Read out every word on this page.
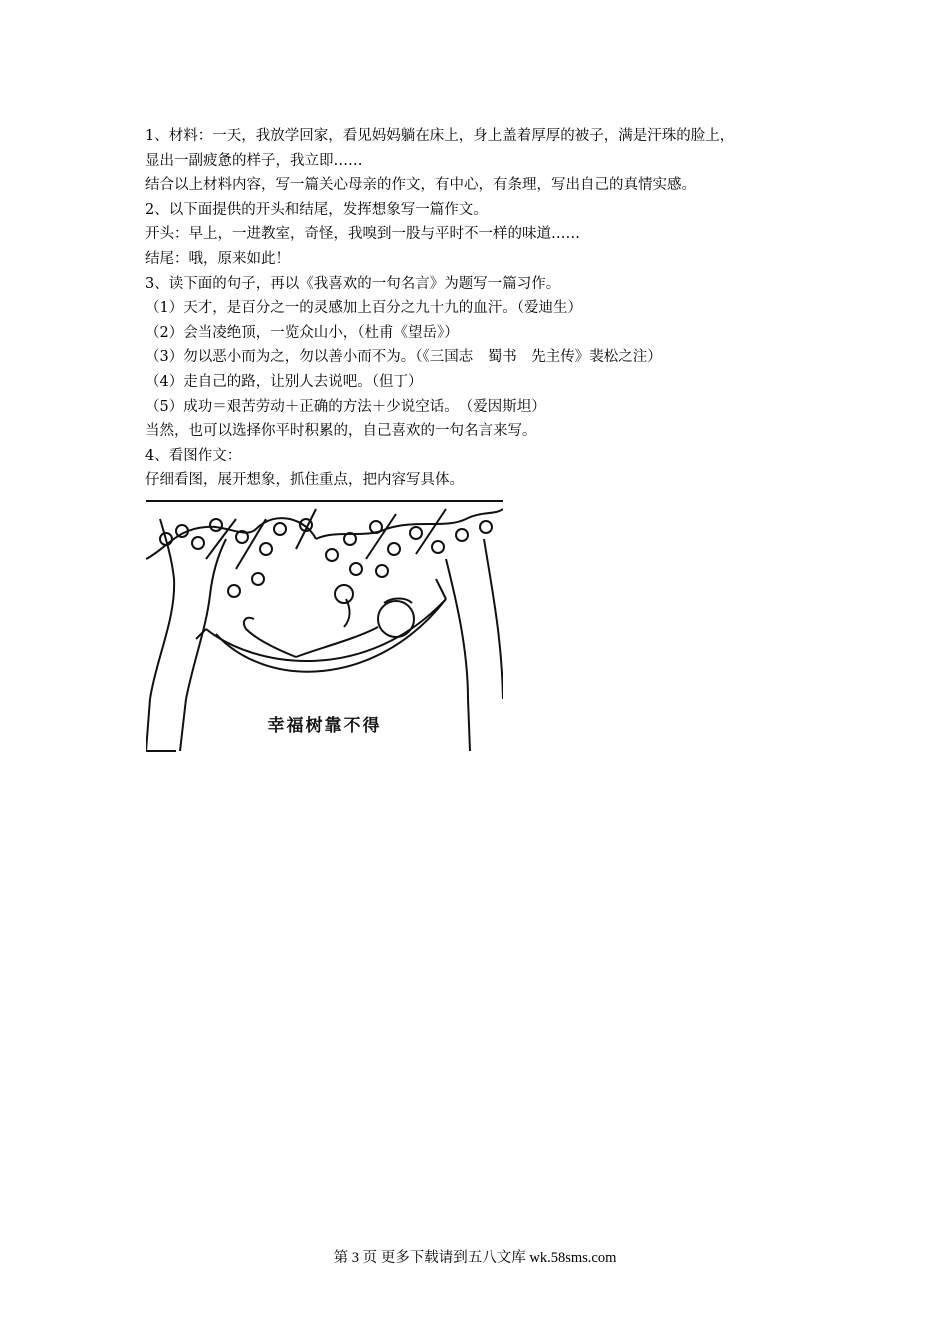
1、材料：一天，我放学回家，看见妈妈躺在床上，身上盖着厚厚的被子，满是汗珠的脸上，

显出一副疲惫的样子，我立即……

结合以上材料内容，写一篇关心母亲的作文，有中心，有条理，写出自己的真情实感。

2、以下面提供的开头和结尾，发挥想象写一篇作文。

开头：早上，一进教室，奇怪，我嗅到一股与平时不一样的味道……

结尾：哦，原来如此！

3、读下面的句子，再以《我喜欢的一句名言》为题写一篇习作。

（1）天才，是百分之一的灵感加上百分之九十九的血汗。（爱迪生）

（2）会当凌绝顶，一览众山小，（杜甫《望岳》）

（3）勿以恶小而为之，勿以善小而不为。（《三国志　蜀书　先主传》裴松之注）

（4）走自己的路，让别人去说吧。（但丁）

（5）成功＝艰苦劳动＋正确的方法＋少说空话。　（爱因斯坦）

当然，也可以选择你平时积累的，自己喜欢的一句名言来写。

4、看图作文：

仔细看图，展开想象，抓住重点，把内容写具体。

幸福树靠不得
第 3 页 更多下载请到五八文库 wk.58sms.com
